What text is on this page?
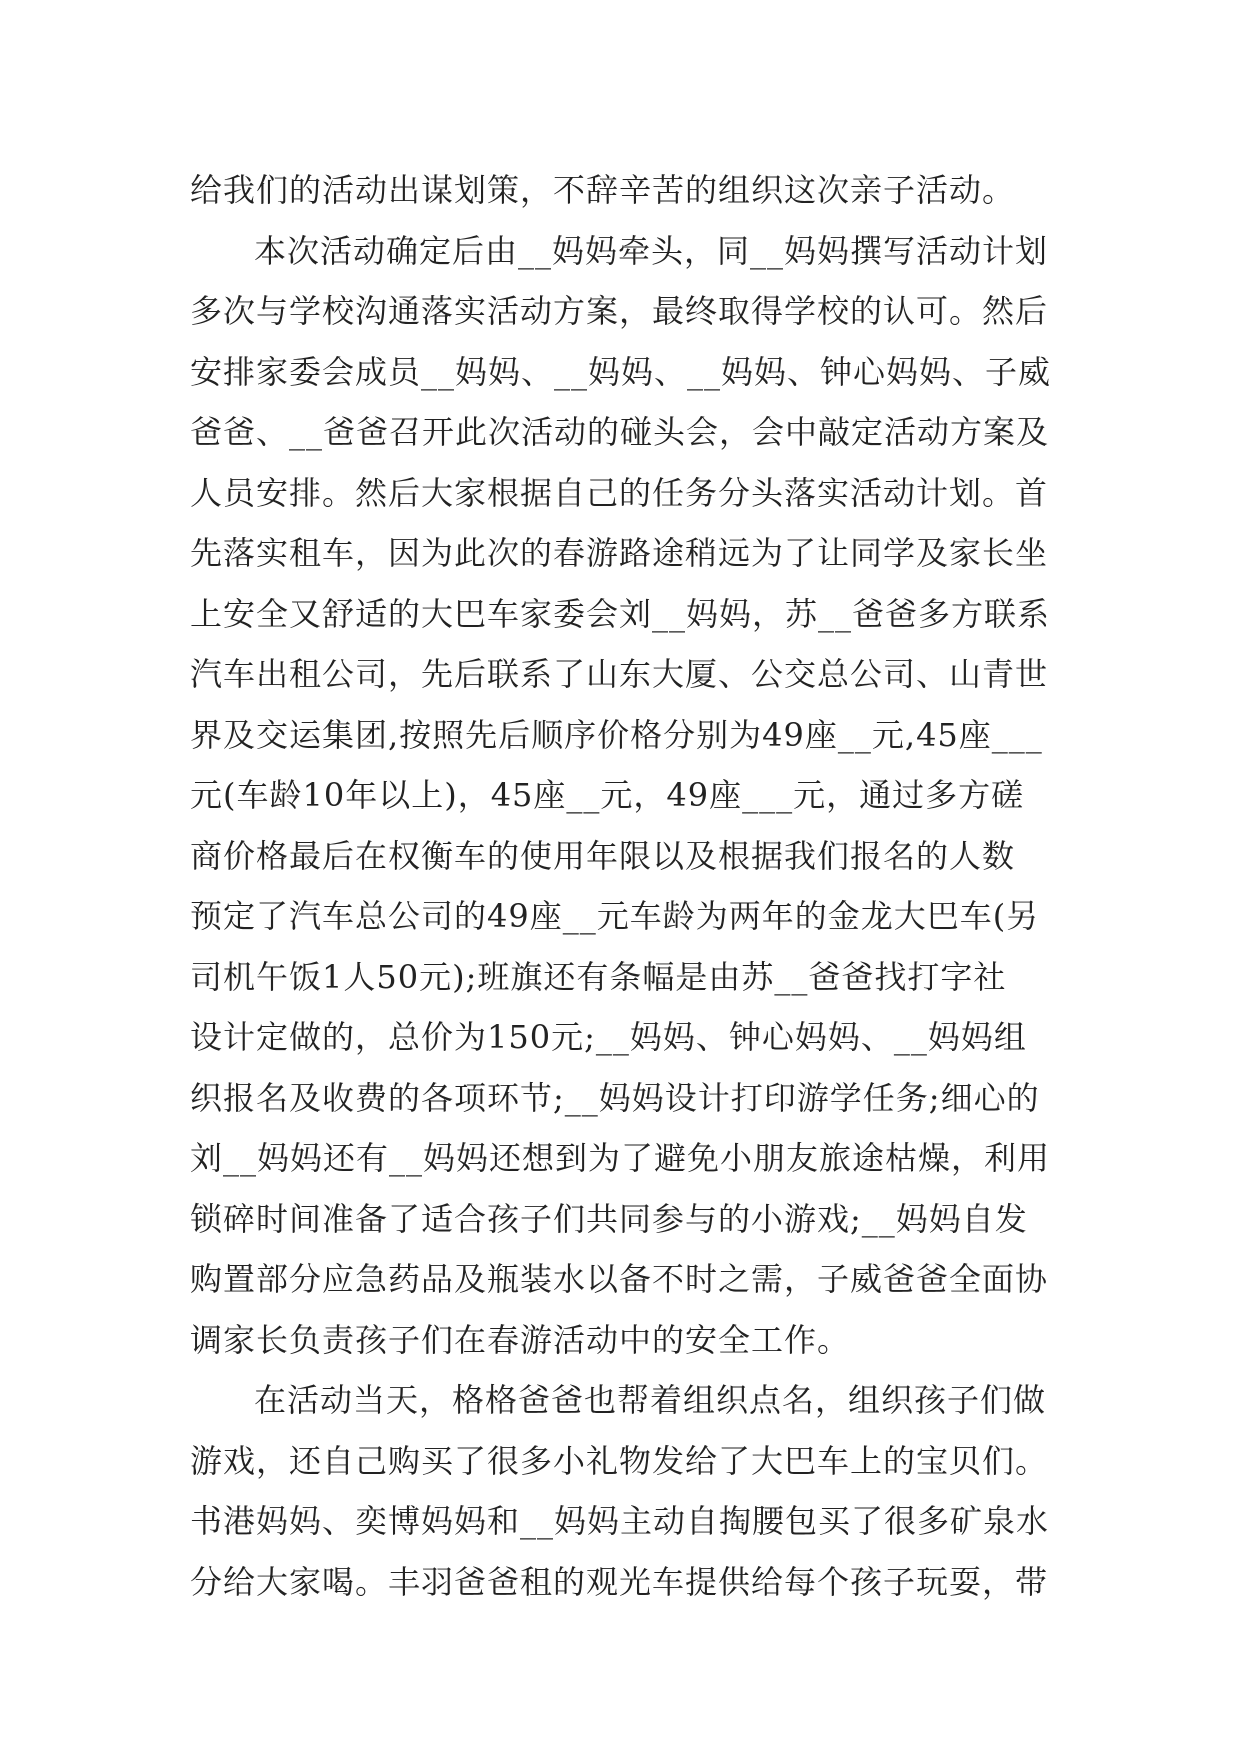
给我们的活动出谋划策，不辞辛苦的组织这次亲子活动。
本次活动确定后由__妈妈牵头，同__妈妈撰写活动计划
多次与学校沟通落实活动方案，最终取得学校的认可。然后
安排家委会成员__妈妈、__妈妈、__妈妈、钟心妈妈、子威
爸爸、__爸爸召开此次活动的碰头会，会中敲定活动方案及
人员安排。然后大家根据自己的任务分头落实活动计划。首
先落实租车，因为此次的春游路途稍远为了让同学及家长坐
上安全又舒适的大巴车家委会刘__妈妈，苏__爸爸多方联系
汽车出租公司，先后联系了山东大厦、公交总公司、山青世
界及交运集团,按照先后顺序价格分别为49座__元,45座___
元(车龄10年以上)，45座__元，49座___元，通过多方磋
商价格最后在权衡车的使用年限以及根据我们报名的人数
预定了汽车总公司的49座__元车龄为两年的金龙大巴车(另
司机午饭1人50元);班旗还有条幅是由苏__爸爸找打字社
设计定做的，总价为150元;__妈妈、钟心妈妈、__妈妈组
织报名及收费的各项环节;__妈妈设计打印游学任务;细心的
刘__妈妈还有__妈妈还想到为了避免小朋友旅途枯燥，利用
锁碎时间准备了适合孩子们共同参与的小游戏;__妈妈自发
购置部分应急药品及瓶装水以备不时之需，子威爸爸全面协
调家长负责孩子们在春游活动中的安全工作。
在活动当天，格格爸爸也帮着组织点名，组织孩子们做
游戏，还自己购买了很多小礼物发给了大巴车上的宝贝们。
书港妈妈、奕博妈妈和__妈妈主动自掏腰包买了很多矿泉水
分给大家喝。丰羽爸爸租的观光车提供给每个孩子玩耍，带
